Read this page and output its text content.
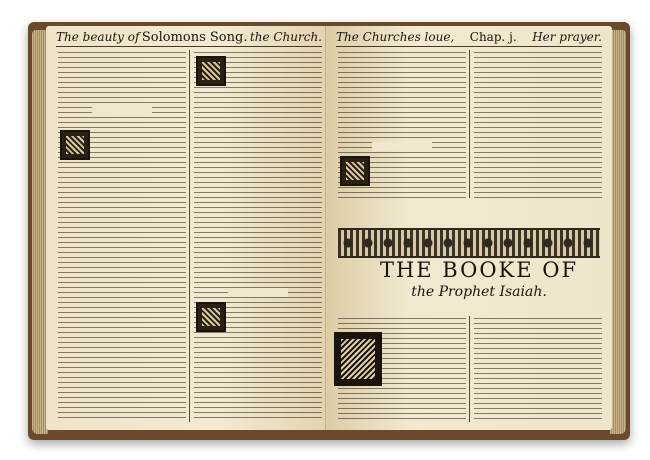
The beauty of Solomons Song. the Church. The Churches loue, Chap. j. Her prayer.
THE BOOKE OF
the Prophet Isaiah.
